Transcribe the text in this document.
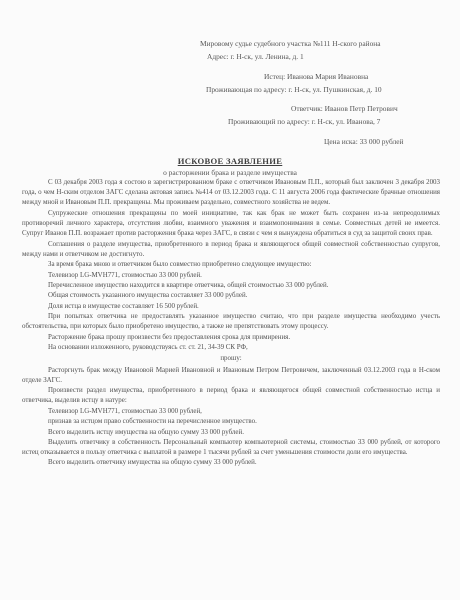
Мировому судье судебного участка №111 Н-ского района
Адрес: г. Н-ск, ул. Ленина, д. 1
Истец: Иванова Мария Ивановна
Проживающая по адресу: г. Н-ск, ул. Пушкинская, д. 10
Ответчик: Иванов Петр Петрович
Проживающий по адресу: г. Н-ск, ул. Иванова, 7
Цена иска: 33 000 рублей
ИСКОВОЕ ЗАЯВЛЕНИЕ
о расторжении брака и разделе имущества

С 03 декабря 2003 года я состою в зарегистрированном браке с ответчиком Ивановым П.П., который был заключен 3 декабря 2003 года, о чем Н-ским отделом ЗАГС сделана актовая запись №414 от 03.12.2003 года. С 11 августа 2006 года фактические брачные отношения между мной и Ивановым П.П. прекращены. Мы проживаем раздельно, совместного хозяйства не ведем.

Супружеские отношения прекращены по моей инициативе, так как брак не может быть сохранен из-за непреодолимых противоречий личного характера, отсутствия любви, взаимного уважения и взаимопонимания в семье. Совместных детей не имеется. Супруг Иванов П.П. возражает против расторжения брака через ЗАГС, в связи с чем я вынуждена обратиться в суд за защитой своих прав.

Соглашения о разделе имущества, приобретенного в период брака и являющегося общей совместной собственностью супругов, между нами и ответчиком не достигнуто.

За время брака мною и ответчиком было совместно приобретено следующее имущество:

Телевизор LG-MVH771, стоимостью 33 000 рублей.

Перечисленное имущество находится в квартире ответчика, общей стоимостью 33 000 рублей.

Общая стоимость указанного имущества составляет 33 000 рублей.

Доля истца в имуществе составляет 16 500 рублей.

При попытках ответчика не предоставлять указанное имущество считаю, что при разделе имущества необходимо учесть обстоятельства, при которых было приобретено имущество, а также не препятствовать этому процессу.

Расторжение брака прошу произвести без предоставления срока для примирения.

На основании изложенного, руководствуясь ст. ст. 21, 34-39 СК РФ,

прошу:

Расторгнуть брак между Ивановой Марией Ивановной и Ивановым Петром Петровичем, заключенный 03.12.2003 года в Н-ском отделе ЗАГС.

Произвести раздел имущества, приобретенного в период брака и являющегося общей совместной собственностью истца и ответчика, выделив истцу в натуре:

Телевизор LG-MVH771, стоимостью 33 000 рублей,

признав за истцом право собственности на перечисленное имущество.

Всего выделить истцу имущества на общую сумму 33 000 рублей.

Выделить ответчику в собственность Персональный компьютер компьютерной системы, стоимостью 33 000 рублей, от которого истец отказывается в пользу ответчика с выплатой в размере 1 тысячи рублей за счет уменьшения стоимости доли его имущества.

Всего выделить ответчику имущества на общую сумму 33 000 рублей.
